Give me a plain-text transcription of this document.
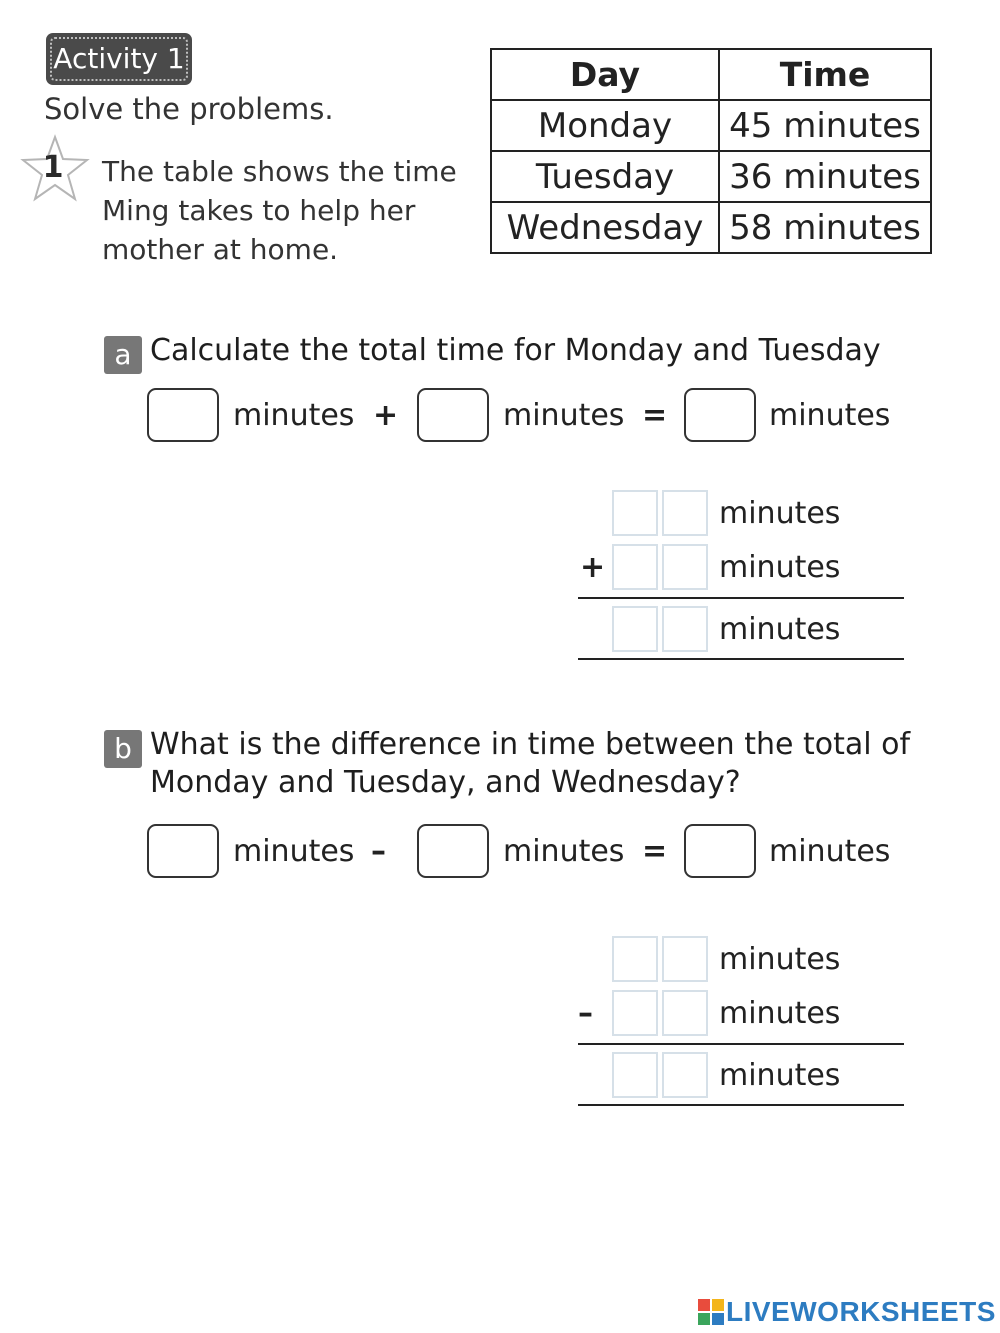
Activity 1
Solve the problems.
1 The table shows the time Ming takes to help her mother at home.
Day	Time
Monday	45 minutes
Tuesday	36 minutes
Wednesday	58 minutes
a Calculate the total time for Monday and Tuesday
minutes +	minutes =	minutes
minutes
+	minutes
minutes
b What is the difference in time between the total of
Monday and Tuesday, and Wednesday?
minutes –	minutes =	minutes
minutes
–	minutes
minutes
LIVEWORKSHEETS
